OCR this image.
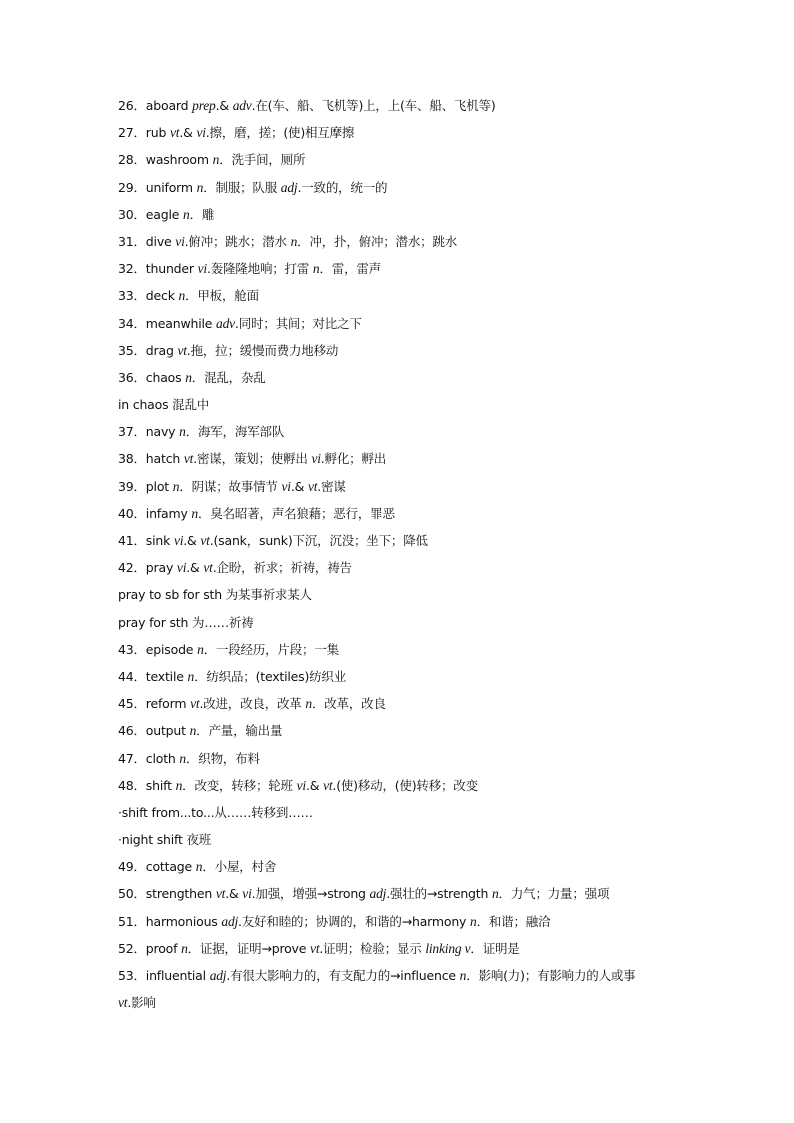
26．aboard prep.& adv.在(车、船、飞机等)上，上(车、船、飞机等)
27．rub vt.& vi.擦，磨，搓；(使)相互摩擦
28．washroom n．洗手间，厕所
29．uniform n．制服；队服 adj.一致的，统一的
30．eagle n．雕
31．dive vi.俯冲；跳水；潜水 n．冲，扑，俯冲；潜水；跳水
32．thunder vi.轰隆隆地响；打雷 n．雷，雷声
33．deck n．甲板，舱面
34．meanwhile adv.同时；其间；对比之下
35．drag vt.拖，拉；缓慢而费力地移动
36．chaos n．混乱，杂乱
in chaos 混乱中
37．navy n．海军，海军部队
38．hatch vt.密谋，策划；使孵出 vi.孵化；孵出
39．plot n．阴谋；故事情节 vi.& vt.密谋
40．infamy n．臭名昭著，声名狼藉；恶行，罪恶
41．sink vi.& vt.(sank，sunk)下沉，沉没；坐下；降低
42．pray vi.& vt.企盼，祈求；祈祷，祷告
pray to sb for sth 为某事祈求某人
pray for sth 为……祈祷
43．episode n．一段经历，片段；一集
44．textile n．纺织品；(textiles)纺织业
45．reform vt.改进，改良，改革 n．改革，改良
46．output n．产量，输出量
47．cloth n．织物，布料
48．shift n．改变，转移；轮班 vi.& vt.(使)移动，(使)转移；改变
·shift from...to...从……转移到……
·night shift 夜班
49．cottage n．小屋，村舍
50．strengthen vt.& vi.加强，增强→strong adj.强壮的→strength n．力气；力量；强项
51．harmonious adj.友好和睦的；协调的，和谐的→harmony n．和谐；融洽
52．proof n．证据，证明→prove vt.证明；检验；显示 linking v．证明是
53．influential adj.有很大影响力的，有支配力的→influence n．影响(力)；有影响力的人或事
vt.影响
